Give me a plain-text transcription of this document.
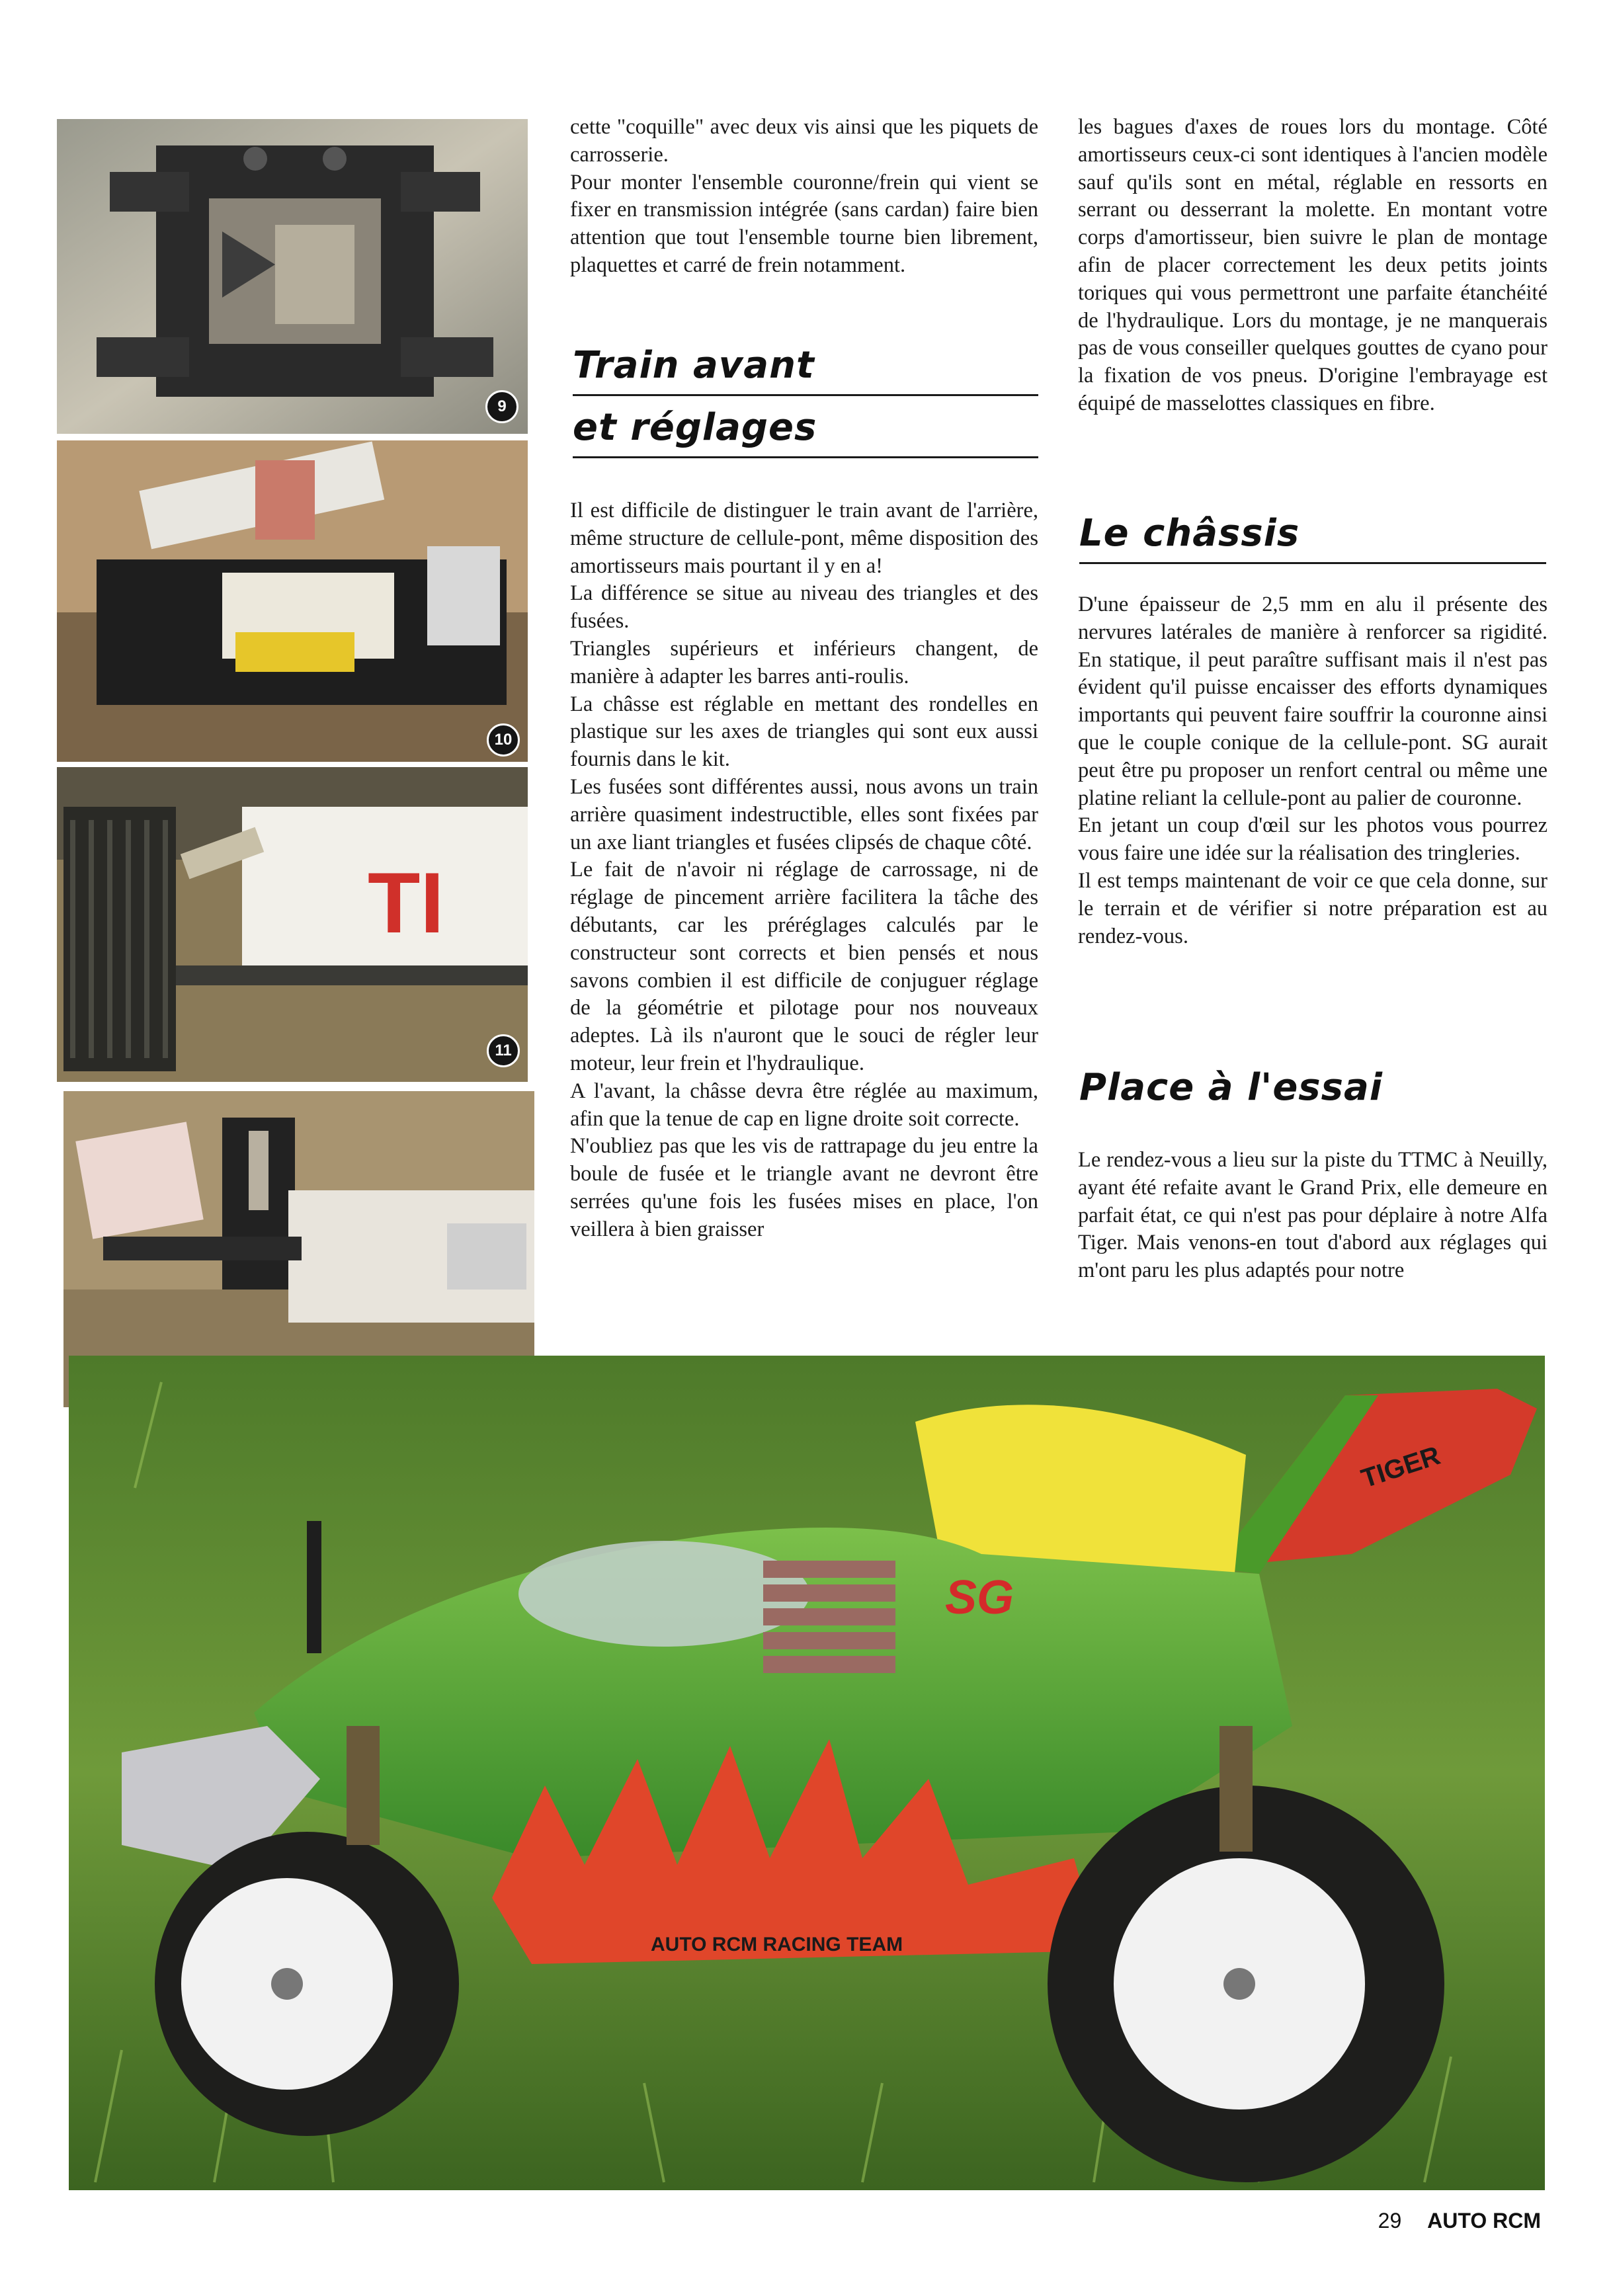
9
10
TI
11

cette "coquille" avec deux vis ainsi que les piquets de carrosserie.

Pour monter l'ensemble couronne/frein qui vient se fixer en transmission intégrée (sans cardan) faire bien attention que tout l'ensemble tourne bien librement, plaquettes et carré de frein notamment.

Train avant
et réglages

Il est difficile de distinguer le train avant de l'arrière, même structure de cellule-pont, même disposition des amortisseurs mais pourtant il y en a!

La différence se situe au niveau des triangles et des fusées.

Triangles supérieurs et inférieurs changent, de manière à adapter les barres anti-roulis.

La châsse est réglable en mettant des rondelles en plastique sur les axes de triangles qui sont eux aussi fournis dans le kit.

Les fusées sont différentes aussi, nous avons un train arrière quasiment indestructible, elles sont fixées par un axe liant triangles et fusées clipsés de chaque côté.

Le fait de n'avoir ni réglage de carrossage, ni de réglage de pincement arrière facilitera la tâche des débutants, car les préréglages calculés par le constructeur sont corrects et bien pensés et nous savons combien il est difficile de conjuguer réglage de la géométrie et pilotage pour nos nouveaux adeptes. Là ils n'auront que le souci de régler leur moteur, leur frein et l'hydraulique.

A l'avant, la châsse devra être réglée au maximum, afin que la tenue de cap en ligne droite soit correcte.

N'oubliez pas que les vis de rattrapage du jeu entre la boule de fusée et le triangle avant ne devront être serrées qu'une fois les fusées mises en place, l'on veillera à bien graisser

les bagues d'axes de roues lors du montage. Côté amortisseurs ceux-ci sont identiques à l'ancien modèle sauf qu'ils sont en métal, réglable en ressorts en serrant ou desserrant la molette. En montant votre corps d'amortisseur, bien suivre le plan de montage afin de placer correctement les deux petits joints toriques qui vous permettront une parfaite étanchéité de l'hydraulique. Lors du montage, je ne manquerais pas de vous conseiller quelques gouttes de cyano pour la fixation de vos pneus. D'origine l'embrayage est équipé de masselottes classiques en fibre.

Le châssis

D'une épaisseur de 2,5 mm en alu il présente des nervures latérales de manière à renforcer sa rigidité. En statique, il peut paraître suffisant mais il n'est pas évident qu'il puisse encaisser des efforts dynamiques importants qui peuvent faire souffrir la couronne ainsi que le couple conique de la cellule-pont. SG aurait peut être pu proposer un renfort central ou même une platine reliant la cellule-pont au palier de couronne.

En jetant un coup d'œil sur les photos vous pourrez vous faire une idée sur la réalisation des tringleries.

Il est temps maintenant de voir ce que cela donne, sur le terrain et de vérifier si notre préparation est au rendez-vous.

Place à l'essai

Le rendez-vous a lieu sur la piste du TTMC à Neuilly, ayant été refaite avant le Grand Prix, elle demeure en parfait état, ce qui n'est pas pour déplaire à notre Alfa Tiger. Mais venons-en tout d'abord aux réglages qui m'ont paru les plus adaptés pour notre

SG
AUTO RCM RACING TEAM
TIGER
29 AUTO RCM
